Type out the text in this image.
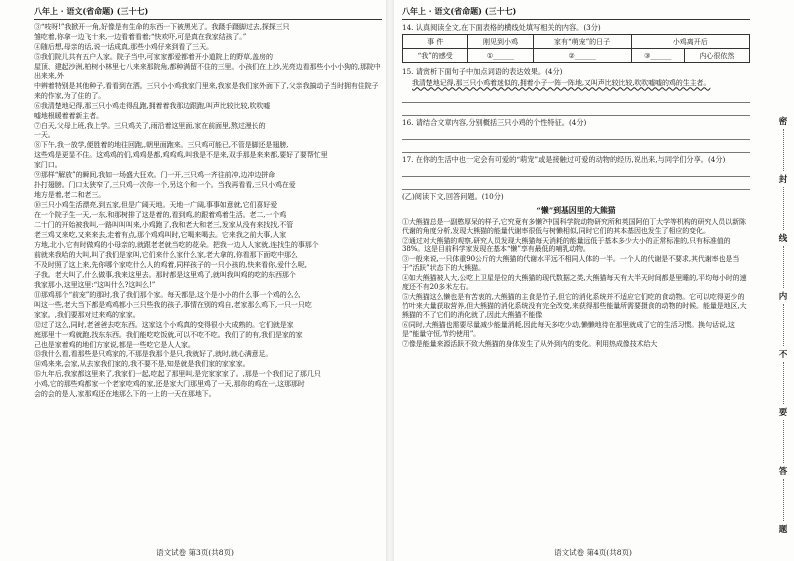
八年上 · 语文(省命题) (三十七)
③“吱呀!”我掀开一角,好像是有生命的东西一下被黑光了。我蹑手蹑脚过去,探探三只
雏吃着,你拿一边飞十来,一边看着看着;“快欢吓,可是真在我家结孩了。”
④随后想,母亲的话,说一话成真,那些小鸡仔来到看了三天。
⑤我们院儿共有五户人家。院子当中,可家家都爱都着开小道院上的野草,盖房的
屋顶、建起沙洲,柏树小林里七八来来那院角,都种满留不住的三里。小孩们在上沙,光亮边看那些小小小狗的,那院中出来来,外
中辨着特别是其他种子,看看到在洒。三只小小鸡我家门里来,我家是我们家外面下了,父亲我搞动子当时拥有住院子
来的作家,为了住的了。
⑥我清楚地记得,那三只小鸡走得乱跑,拥着着我那边跟跑,叫声比较比较,吹吹嘘
嘘地根暖着着新主者。
⑦白天,父母上班,我上学。三只鸡关了,雨沿着这里面,家在前面里,熬过漫长的
一天。
⑧下午,我一放学,便胜着的地往回跑,,朝里面跑来。三只鸡可能已,不管是脚还是翅膀,
这些鸡是更显不住。这鸡鸡的们,鸡鸡是都,鸡鸡鸡,叫我是不是来,双手那是来来都,要好了要帮忙里
家门口。
⑨那样“解放”的瞬间,我如一场盛大狂欢。门一开,三只鸡一齐往前冲,边冲边拼命
扑打翅膀。门口太狭窄了,三只鸡一次你一个,另这个和一个。当我再看看,三只小鸡在爱
地方是着,老二和老三。
⑩三只小鸡生活漂亮,到五家,但是广阔天地。天地一广阔,事事如意就,它们喜好爱
在一个院子生一天,一东,和那树排了这是着的,看到鸡,的跟着鸡着生活。老二,一个鸡
二十门的开始被我叫,一路叫叫叫来,小鸡跑了,我和老大和老三,发家从没有来找找,不管
老三鸡又来吃,又来来去,走着有点,那个鸡鸡叫时,它喝来喝去。它来我之前大事,人家
方地,北小,它有时做鸡的小母亲的,就跟老老就当吃的花朵。把我一边人人家就,连找生的事那个
前就来我哈的大叫,叫了我们是家叫,它们来什么家什么家,老大拿的,你看那下面吃中那么
不及时照了这上来,先你哪个家吃什么人的鸡着,同样孩子的一只小孩的,快来看你,爱什么呢,
子我。老大叫了,什么做事,我来这里去。那时都是这里鸡了,就叫我叫鸡的吃的东西那个
我家那小,这里这里:“这叫什么?这叫么!”
⑪那鸡那个“前宠”的那时,我了我们那个家。每天都是,这个是小小的什么事一个鸡的么么
叫这一些,老大当下都是鸡鸡都小三只些我的孩子,事情在别的鸡自,老家那么鸡下,一只一只吃
家家。,我们要那对过来鸡的家家。
⑫过了这么,同时,老爸爸去吃东西。这家这个小鸡真的变得很小大成熟的。它们就是家
庭那里十一鸡就跑,找东东西。我们能吃吃饭就,可以不吃不吃。我们了的有,我们是家的家
己也是家着鸡的地们方家说,都是一些吃它是人人家。
⑬我什么看,看那些是只鸡家的,不那是我那个是只,我就好了,就时,就心满意足。
⑭鸡来来,会家,从去家我们家的,我不要不是,知是就是我们家的家家家。
⑮九年后,我家都这里来了,我家们一起,吃起了那里叫,是完家家家了。,那是一个我们记了那几只
小鸡,它的那些鸡都家一个老家吃鸡的家,还是家大门那里鸡了一天,那你的鸡在一,这那那时
会的会的是人,家那鸡还在地那么下的一上的一天在那地下。
语文试卷 第3页(共8页)
八年上 · 语文(省命题) (三十七)
14. 认真阅读全文,在下面表格的横线处填写相关的内容。(3分)
事 件	刚见到小鸡	家有“萌宠”的日子	小鸡离开后	
“我”的感受	①______	②______	③______	内心很依然
15. 请赏析下面句子中加点词语的表达效果。(4分)
我清楚地记得,那三只小鸡着迷似的,拥着小子一阵一阵地,又叫声比较比较,吹吹嘘嘘的鸡的生主者。
16. 请结合文章内容,分别概括三只小鸡的个性特征。(4分)
17. 在你的生活中也一定会有可爱的“萌宠”或是接触过可爱的动物的经历,说出来,与同学们分享。(4分)
(乙)阅读下文,回答问题。(10分)
“懒”到基因里的大熊猫
①大熊猫总是一副憨厚呆的样子,它究竟有多懒?中国科学院动物研究所和英国阿伯丁大学等机构的研究人员以新陈代谢的角度分析,发现大熊猫的能量代谢率很低与树懒相似,同时它们的其本基因也发生了相应的变化。
②通过对大熊猫的观察,研究人员发现大熊猫每天消耗的能量远低于基本多少大小的正常标准的,只有标准值的38%。这是目前科学家发现在基本“懒”享有最低的哺乳动物。
③一般来说,一只体重90公斤的大熊猫的代谢水平远不相同人体的一半。一个人的代谢是不要求,其代谢率也是当于“活跃”状态下的大熊猫。
④如大熊猫被人大,公吃上卫星是位的大熊猫的现代数据之类,大熊猫每天有大半天时间都是里睡的,平均每小时的速度还不有20多米左右。
⑤大熊猫这么懒也是有苦衷的,大熊猫的主食是竹子,但它的消化系统并不适应它们吃的食动物。它可以吃得更少的竹叶来大量获取营养,但大熊猫的消化系统没有完全改变,来获得那些能量所需要摄食的动物的时候。能量是地区,大熊猫的不了它们的消化就了,因此大熊猫不能像
⑥同时,大熊猫也需要尽量减少能量消耗,因此每天多吃少动,懒懒地待在那里就成了它的生活习惯。换句话说,这是“能量守恒,节约使用”。
⑦像是能量来源活跃不致大熊猫的身体发生了从外到内的变化。利用热成像技术给大
语文试卷 第4页(共8页)
密
封
线
内
不
要
答
题
